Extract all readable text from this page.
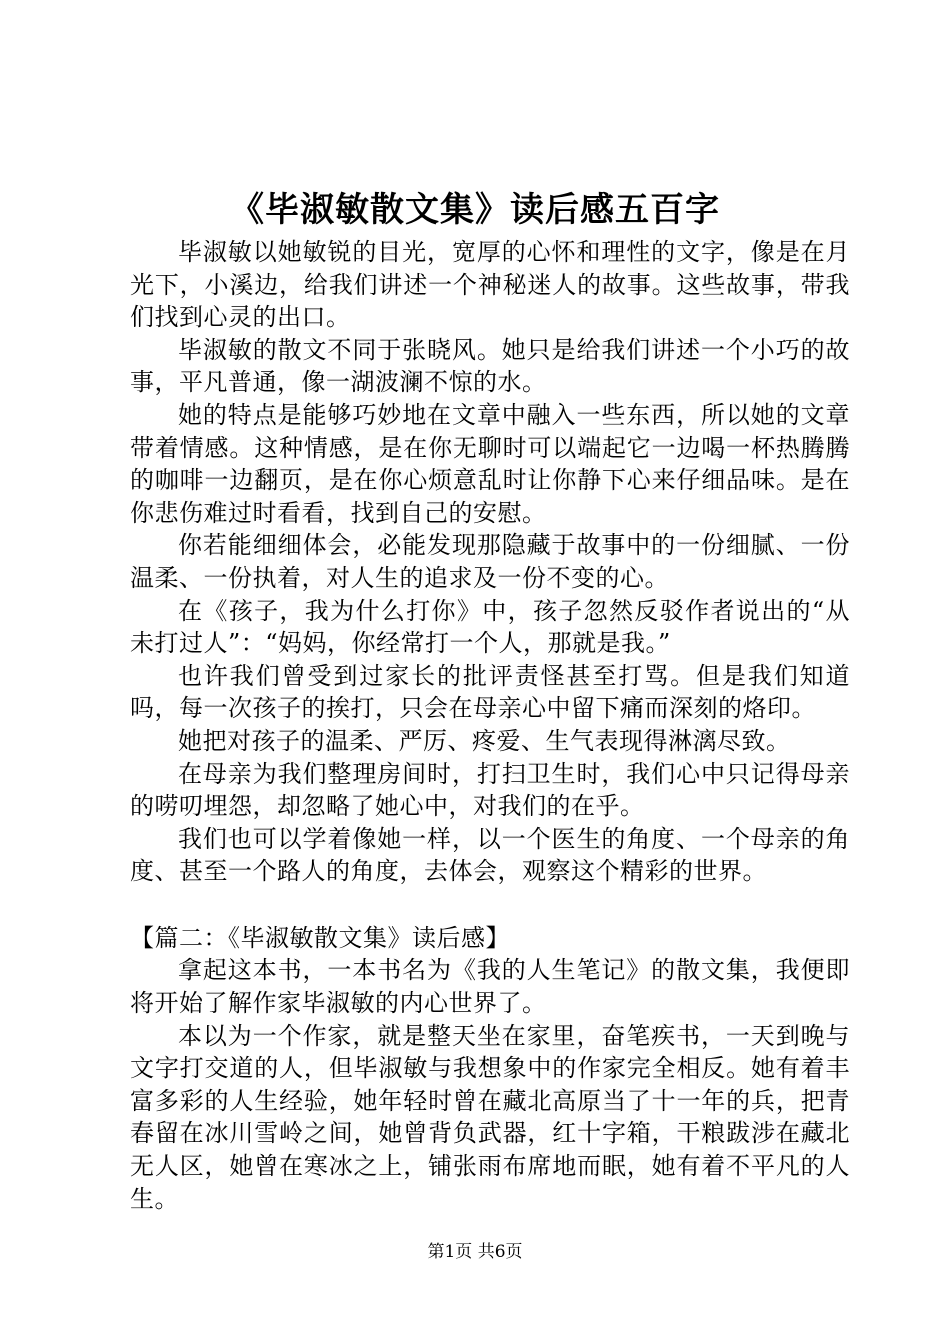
《毕淑敏散文集》读后感五百字

毕淑敏以她敏锐的目光，宽厚的心怀和理性的文字，像是在月光下，小溪边，给我们讲述一个神秘迷人的故事。这些故事，带我们找到心灵的出口。

毕淑敏的散文不同于张晓风。她只是给我们讲述一个小巧的故事，平凡普通，像一湖波澜不惊的水。

她的特点是能够巧妙地在文章中融入一些东西，所以她的文章带着情感。这种情感，是在你无聊时可以端起它一边喝一杯热腾腾的咖啡一边翻页，是在你心烦意乱时让你静下心来仔细品味。是在你悲伤难过时看看，找到自己的安慰。

你若能细细体会，必能发现那隐藏于故事中的一份细腻、一份温柔、一份执着，对人生的追求及一份不变的心。

在《孩子，我为什么打你》中，孩子忽然反驳作者说出的“从未打过人”：“妈妈，你经常打一个人，那就是我。”

也许我们曾受到过家长的批评责怪甚至打骂。但是我们知道吗，每一次孩子的挨打，只会在母亲心中留下痛而深刻的烙印。

她把对孩子的温柔、严厉、疼爱、生气表现得淋漓尽致。

在母亲为我们整理房间时，打扫卫生时，我们心中只记得母亲的唠叨埋怨，却忽略了她心中，对我们的在乎。

我们也可以学着像她一样，以一个医生的角度、一个母亲的角度、甚至一个路人的角度，去体会，观察这个精彩的世界。

【篇二：《毕淑敏散文集》读后感】

拿起这本书，一本书名为《我的人生笔记》的散文集，我便即将开始了解作家毕淑敏的内心世界了。

本以为一个作家，就是整天坐在家里，奋笔疾书，一天到晚与文字打交道的人，但毕淑敏与我想象中的作家完全相反。她有着丰富多彩的人生经验，她年轻时曾在藏北高原当了十一年的兵，把青春留在冰川雪岭之间，她曾背负武器，红十字箱，干粮跋涉在藏北无人区，她曾在寒冰之上，铺张雨布席地而眠，她有着不平凡的人生。

第1页 共6页
